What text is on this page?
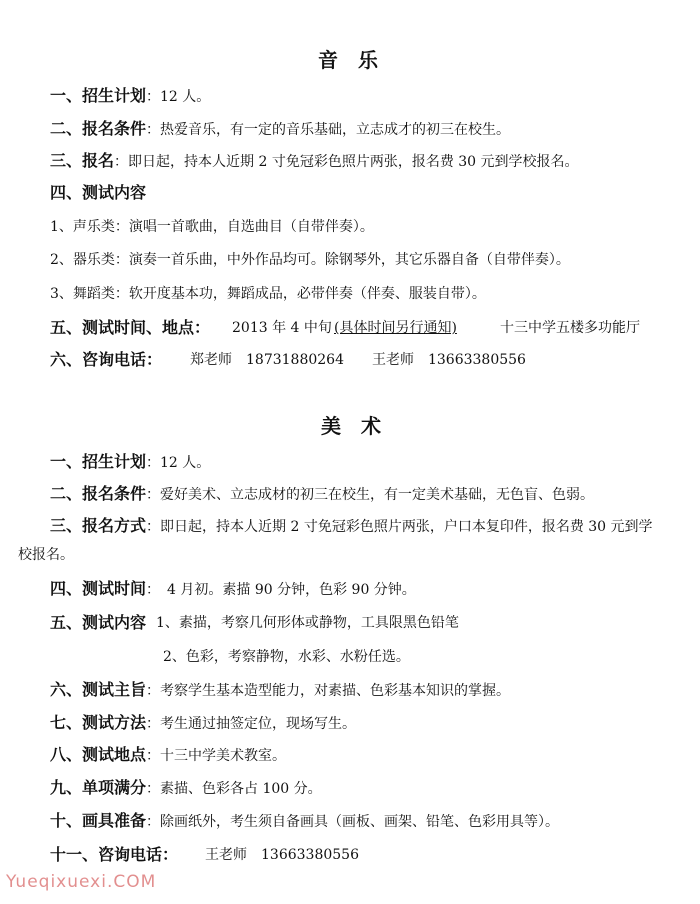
音　乐
一、招生计划：12 人。
二、报名条件：热爱音乐，有一定的音乐基础，立志成才的初三在校生。
三、报名：即日起，持本人近期 2 寸免冠彩色照片两张，报名费 30 元到学校报名。
四、测试内容
1、声乐类：演唱一首歌曲，自选曲目（自带伴奏）。
2、器乐类：演奏一首乐曲，中外作品均可。除钢琴外，其它乐器自备（自带伴奏）。
3、舞蹈类：软开度基本功，舞蹈成品，必带伴奏（伴奏、服装自带）。
五、测试时间、地点： 2013 年 4 中旬 (具体时间另行通知)	十三中学五楼多功能厅
六、咨询电话： 郑老师　18731880264　　王老师　13663380556
美　术
一、招生计划：12 人。
二、报名条件：爱好美术、立志成材的初三在校生，有一定美术基础，无色盲、色弱。
三、报名方式：即日起，持本人近期 2 寸免冠彩色照片两张，户口本复印件，报名费 30 元到学
校报名。
四、测试时间：　4 月初。素描 90 分钟，色彩 90 分钟。
五、测试内容 1、素描，考察几何形体或静物，工具限黑色铅笔
2、色彩，考察静物，水彩、水粉任选。
六、测试主旨：考察学生基本造型能力，对素描、色彩基本知识的掌握。
七、测试方法：考生通过抽签定位，现场写生。
八、测试地点：十三中学美术教室。
九、单项满分：素描、色彩各占 100 分。
十、画具准备：除画纸外，考生须自备画具（画板、画架、铅笔、色彩用具等）。
十一、咨询电话： 王老师　13663380556
Yueqixuexi.COM
